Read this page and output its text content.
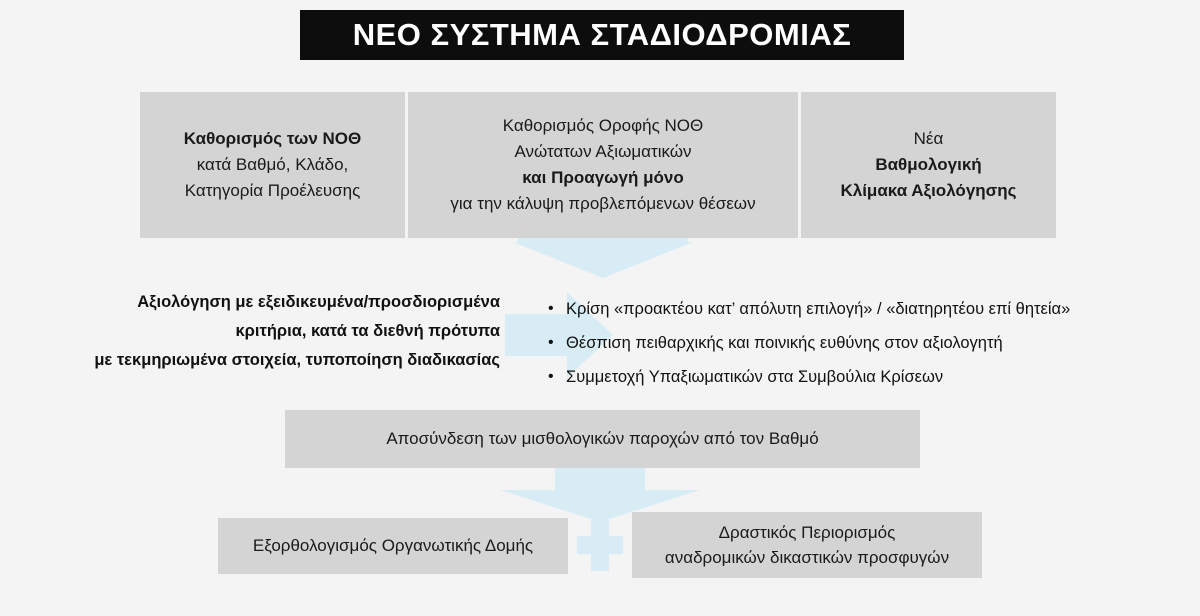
ΝΕΟ ΣΥΣΤΗΜΑ ΣΤΑΔΙΟΔΡΟΜΙΑΣ
Καθορισμός των ΝΟΘ
κατά Βαθμό, Κλάδο,
Κατηγορία Προέλευσης
Καθορισμός Οροφής ΝΟΘ
Ανώτατων Αξιωματικών
και Προαγωγή μόνο
για την κάλυψη προβλεπόμενων θέσεων
Νέα
Βαθμολογική
Κλίμακα Αξιολόγησης
Αξιολόγηση με εξειδικευμένα/προσδιορισμένα
κριτήρια, κατά τα διεθνή πρότυπα
με τεκμηριωμένα στοιχεία, τυποποίηση διαδικασίας
• Κρίση «προακτέου κατ’ απόλυτη επιλογή» / «διατηρητέου επί θητεία»
• Θέσπιση πειθαρχικής και ποινικής ευθύνης στον αξιολογητή
• Συμμετοχή Υπαξιωματικών στα Συμβούλια Κρίσεων
Αποσύνδεση των μισθολογικών παροχών από τον Βαθμό
Εξορθολογισμός Οργανωτικής Δομής
Δραστικός Περιορισμός
αναδρομικών δικαστικών προσφυγών
